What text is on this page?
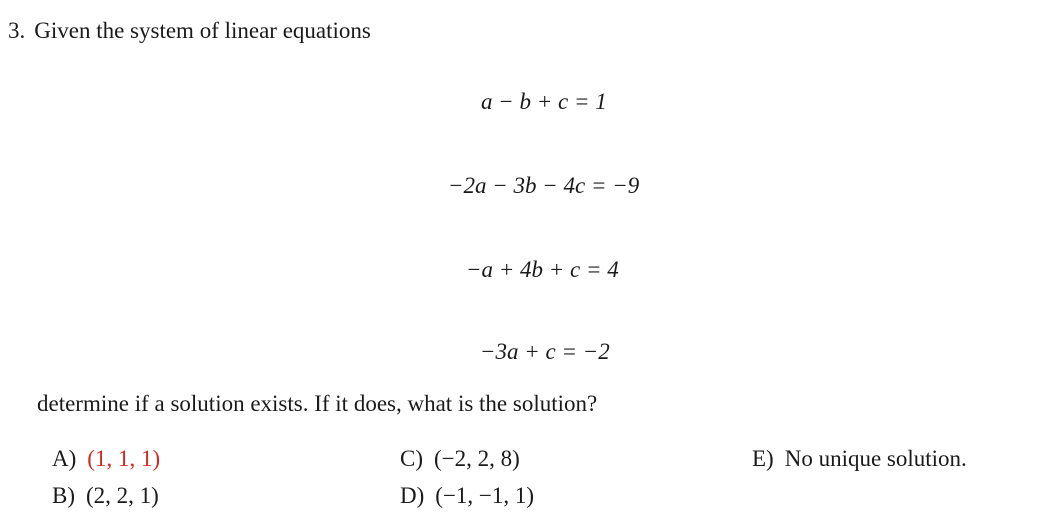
3. Given the system of linear equations
a − b + c = 1
−2a − 3b − 4c = −9
−a + 4b + c = 4
−3a + c = −2
determine if a solution exists. If it does, what is the solution?
A) (1, 1, 1)
B) (2, 2, 1)
C) (−2, 2, 8)
D) (−1, −1, 1)
E) No unique solution.
